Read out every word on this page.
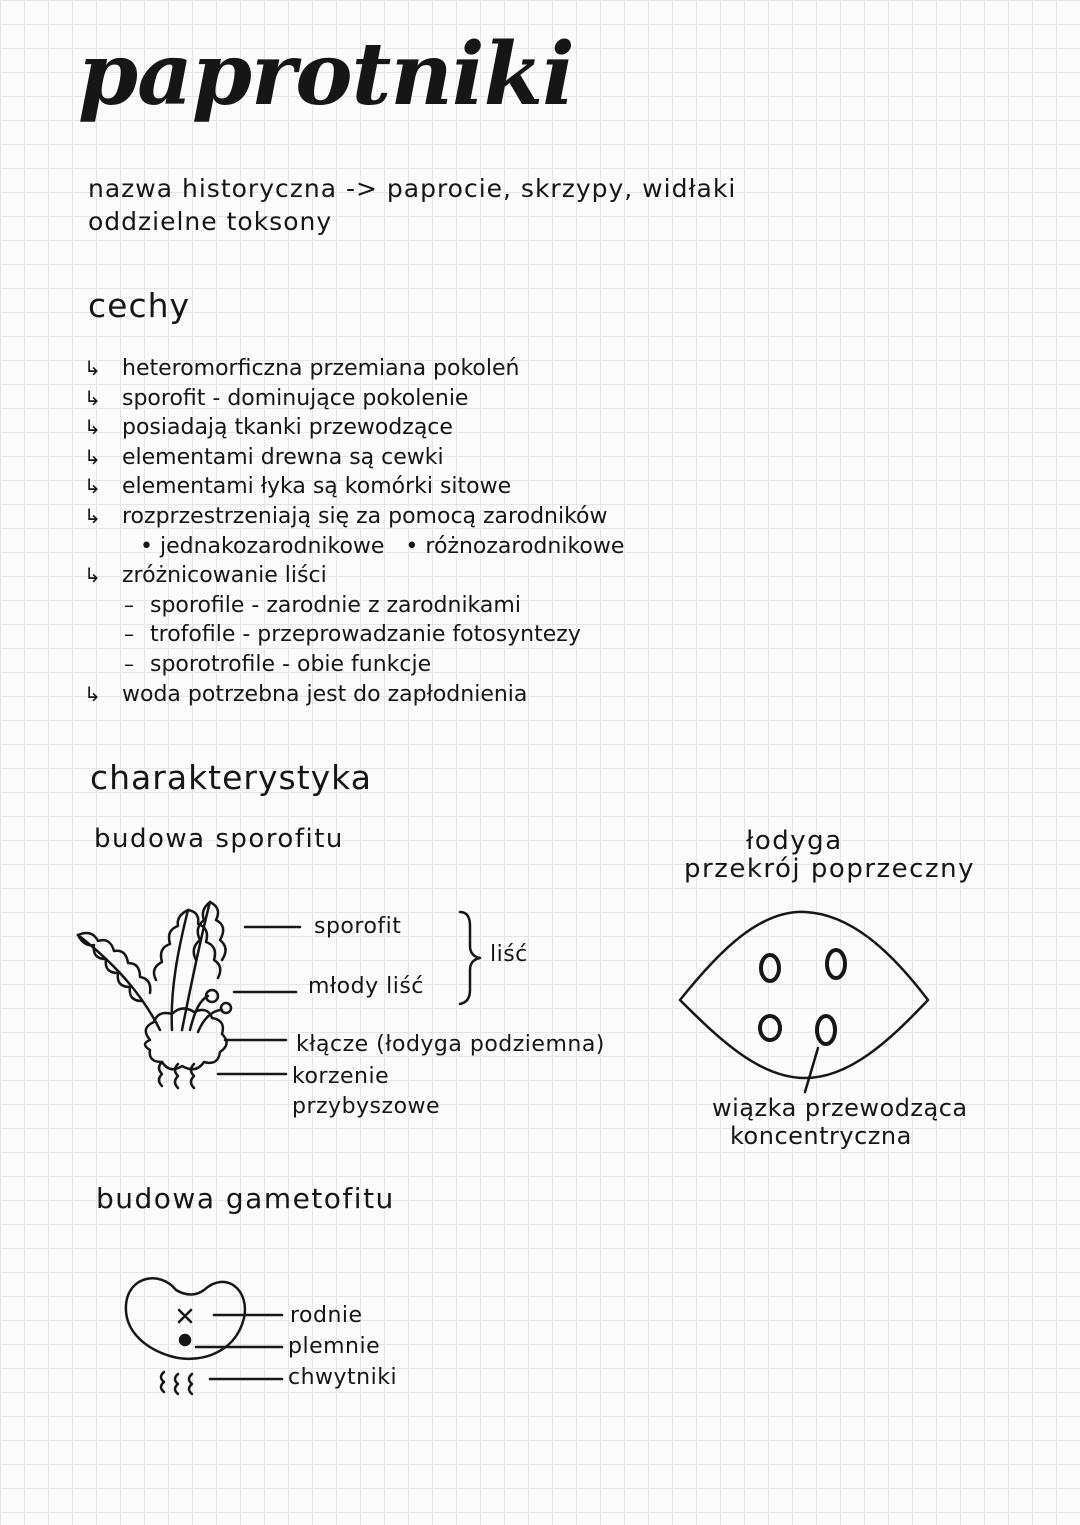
paprotniki
nazwa historyczna -> paprocie, skrzypy, widłaki
oddzielne toksony
cechy
↳ heteromorficzna przemiana pokoleń
↳ sporofit - dominujące pokolenie
↳ posiadają tkanki przewodzące
↳ elementami drewna są cewki
↳ elementami łyka są komórki sitowe
↳ rozprzestrzeniają się za pomocą zarodników
• jednakozarodnikowe   • różnozarodnikowe
↳ zróżnicowanie liści
– sporofile - zarodnie z zarodnikami
– trofofile - przeprowadzanie fotosyntezy
– sporotrofile - obie funkcje
↳ woda potrzebna jest do zapłodnienia
charakterystyka
budowa sporofitu
sporofit
młody liść
liść
kłącze (łodyga podziemna)
korzenie
przybyszowe
łodyga
przekrój poprzeczny
wiązka przewodząca
koncentryczna
budowa gametofitu
rodnie
plemnie
chwytniki
